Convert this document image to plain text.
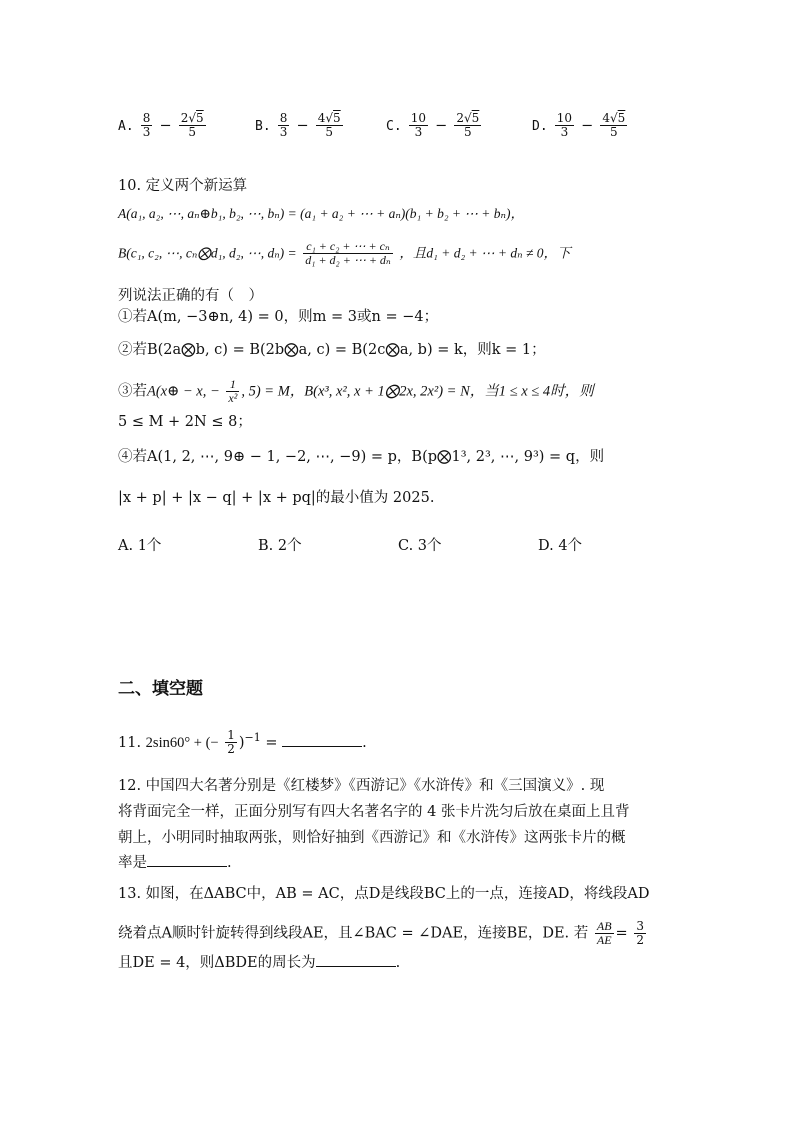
A. $\frac{8}{3} - \frac{2√5}{5}$	B. $\frac{8}{3} - \frac{4√5}{5}$	C. $\frac{10}{3} - \frac{2√5}{5}$	D. $\frac{10}{3} - \frac{4√5}{5}$
10. 定义两个新运算
A(a₁, a₂, ⋯, aₙ⊕b₁, b₂, ⋯, bₙ) = (a₁ + a₂ + ⋯ + aₙ)(b₁ + b₂ + ⋯ + bₙ)，
B(c₁, c₂, ⋯, cₙ⨂d₁, d₂, ⋯, $d_n) = \frac{\text{c₁ + c₂ + ⋯ + cₙ}}{\text{d₁ + d₂ + ⋯ + dₙ}}$ ，且d₁ + d₂ + ⋯ + dₙ ≠ 0，下
列说法正确的有（　）
①若A(m, −3⊕n, 4) = 0，则m = 3或n = −4；
②若B(2a⨂b, c) = B(2b⨂a, c) = B(2c⨂a, b) = k，则k = 1；
③若A(x⊕ − x, − $\frac{1}{\text{x²}}$ , 5) = M，B(x³, x², x + 1⨂2x, 2x²) = N，当1 ≤ x ≤ 4时，则
5 ≤ M + 2N ≤ 8；
④若A(1, 2, ⋯, 9⊕ − 1, −2, ⋯, −9) = p，B(p⨂1³, 2³, ⋯, 9³) = q，则
|x + p| + |x − q| + |x + pq|的最小值为 2025.
A. 1个	B. 2个	C. 3个	D. 4个
二、填空题
11. 2sin60° + (− $\frac{1}{2} )^{-1}$ =	.
12. 中国四大名著分别是《红楼梦》《西游记》《水浒传》和《三国演义》. 现
将背面完全一样，正面分别写有四大名著名字的 4 张卡片洗匀后放在桌面上且背
朝上，小明同时抽取两张，则恰好抽到《西游记》和《水浒传》这两张卡片的概
率是	.
13. 如图，在ΔABC中，AB = AC，点D是线段BC上的一点，连接AD，将线段AD
绕着点A顺时针旋转得到线段AE，且∠BAC = ∠DAE，连接BE，DE. 若 $\frac{AB}{AE} = \frac{3}{2}$
且DE = 4，则ΔBDE的周长为	.
